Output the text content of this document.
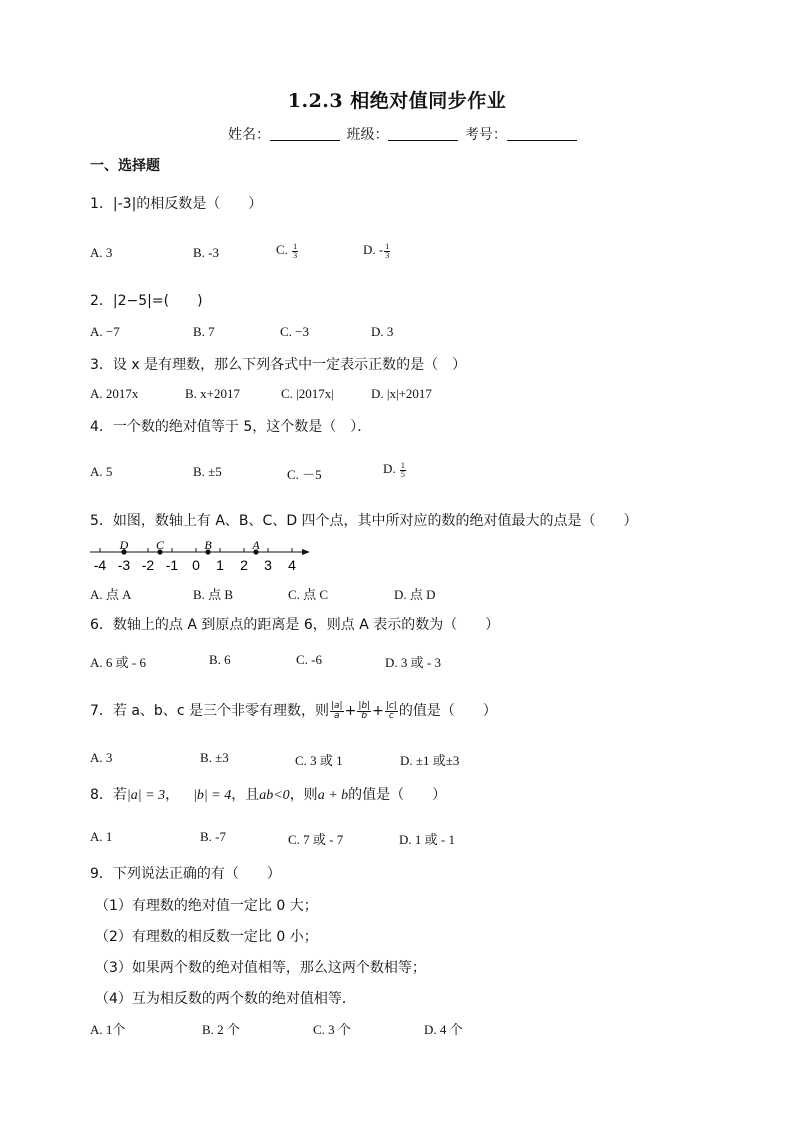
1.2.3 相绝对值同步作业
姓名：	班级：	考号：
一、选择题
1．|-3|的相反数是（　　）
A. 3	B. -3	C. $\frac{1}{3}$	D. - $\frac{1}{3}$
2．|2−5|=(　　)
A. −7	B. 7	C. −3	D. 3
3．设 x 是有理数，那么下列各式中一定表示正数的是（　）
A. 2017x	B. x+2017	C. |2017x|	D. |x|+2017
4．一个数的绝对值等于 5，这个数是（　）．
A. 5	B. ±5	C. －5	D. $\frac{1}{5}$
5．如图，数轴上有 A、B、C、D 四个点，其中所对应的数的绝对值最大的点是（　　）
-4 -3 -2 -1 0 1 2 3 4
D C	B	A
A. 点 A	B. 点 B	C. 点 C	D. 点 D
6．数轴上的点 A 到原点的距离是 6，则点 A 表示的数为（　　）
A. 6 或 - 6	B. 6	C. -6	D. 3 或 - 3
7．若 a、b、c 是三个非零有理数，则 $\frac{|a|}{a} + \frac{|b|}{b} + \frac{|c|}{c}$ 的值是（　　）
A. 3	B. ±3	C. 3 或 1	D. ±1 或±3
8．若|a| = 3， |b| = 4，且ab<0，则a + b的值是（　　）
A. 1	B. -7	C. 7 或 - 7	D. 1 或 - 1
9．下列说法正确的有（　　）
（1）有理数的绝对值一定比 0 大；
（2）有理数的相反数一定比 0 小；
（3）如果两个数的绝对值相等，那么这两个数相等；
（4）互为相反数的两个数的绝对值相等．
A. 1个	B. 2 个	C. 3 个	D. 4 个
